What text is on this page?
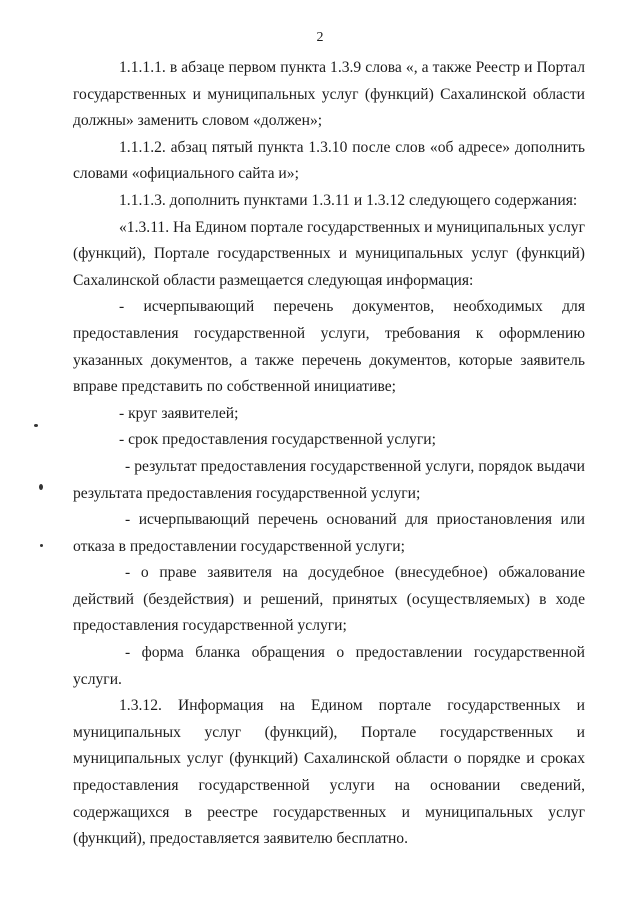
2

1.1.1.1. в абзаце первом пункта 1.3.9 слова «, а также Реестр и Портал государственных и муниципальных услуг (функций) Сахалинской области должны» заменить словом «должен»;

1.1.1.2. абзац пятый пункта 1.3.10 после слов «об адресе» дополнить словами «официального сайта и»;

1.1.1.3. дополнить пунктами 1.3.11 и 1.3.12 следующего содержания:

«1.3.11. На Едином портале государственных и муниципальных услуг (функций), Портале государственных и муниципальных услуг (функций) Сахалинской области размещается следующая информация:

- исчерпывающий перечень документов, необходимых для предоставления государственной услуги, требования к оформлению указанных документов, а также перечень документов, которые заявитель вправе представить по собственной инициативе;

- круг заявителей;

- срок предоставления государственной услуги;

- результат предоставления государственной услуги, порядок выдачи результата предоставления государственной услуги;

- исчерпывающий перечень оснований для приостановления или отказа в предоставлении государственной услуги;

- о праве заявителя на досудебное (внесудебное) обжалование действий (бездействия) и решений, принятых (осуществляемых) в ходе предоставления государственной услуги;

- форма бланка обращения о предоставлении государственной услуги.

1.3.12. Информация на Едином портале государственных и муниципальных услуг (функций), Портале государственных и муниципальных услуг (функций) Сахалинской области о порядке и сроках предоставления государственной услуги на основании сведений, содержащихся в реестре государственных и муниципальных услуг (функций), предоставляется заявителю бесплатно.
